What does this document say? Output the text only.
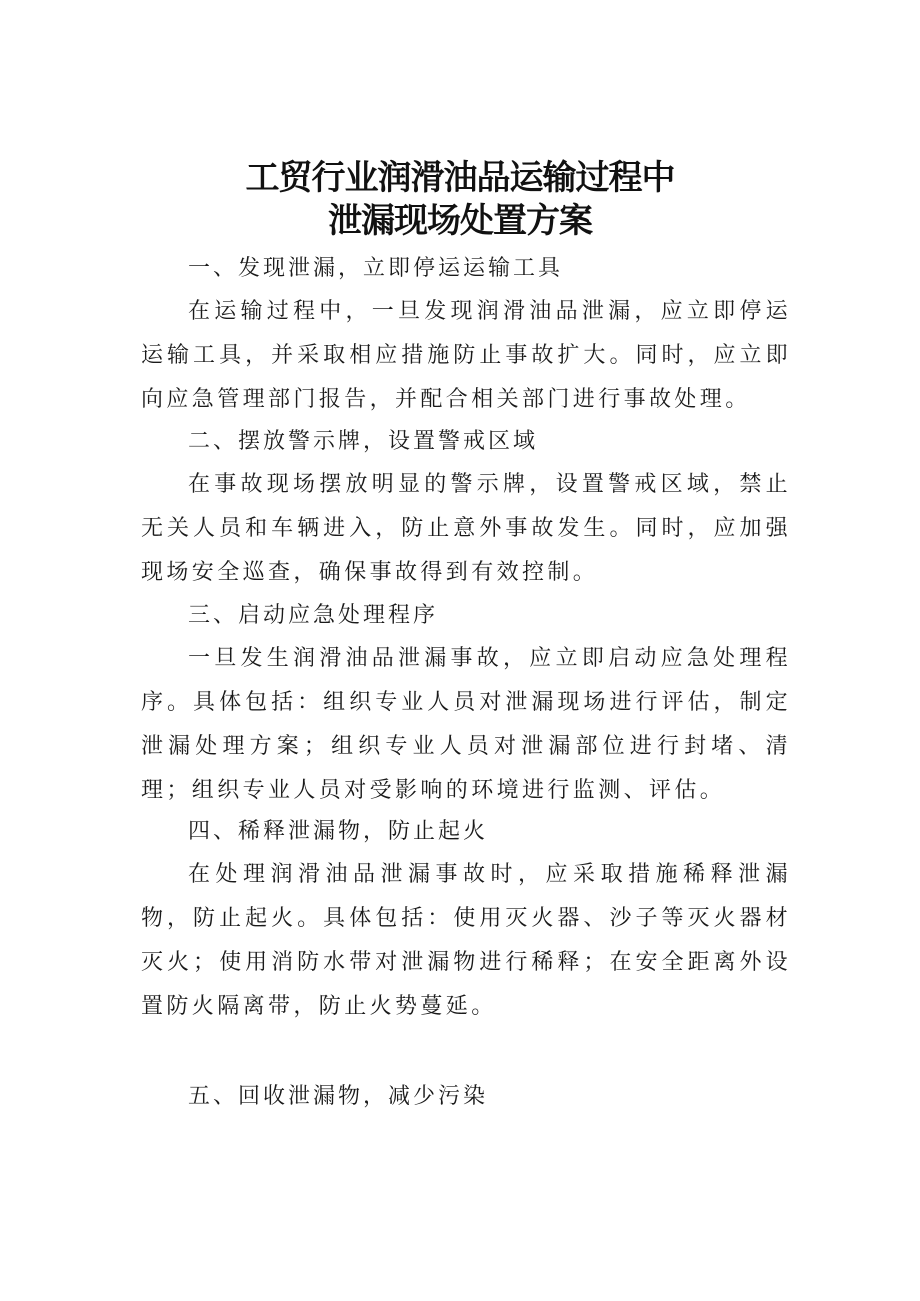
工贸行业润滑油品运输过程中
泄漏现场处置方案

一、发现泄漏，立即停运运输工具

在运输过程中，一旦发现润滑油品泄漏，应立即停运运输工具，并采取相应措施防止事故扩大。同时，应立即向应急管理部门报告，并配合相关部门进行事故处理。

二、摆放警示牌，设置警戒区域

在事故现场摆放明显的警示牌，设置警戒区域，禁止无关人员和车辆进入，防止意外事故发生。同时，应加强现场安全巡查，确保事故得到有效控制。

三、启动应急处理程序

一旦发生润滑油品泄漏事故，应立即启动应急处理程序。具体包括：组织专业人员对泄漏现场进行评估，制定泄漏处理方案；组织专业人员对泄漏部位进行封堵、清理；组织专业人员对受影响的环境进行监测、评估。

四、稀释泄漏物，防止起火

在处理润滑油品泄漏事故时，应采取措施稀释泄漏物，防止起火。具体包括：使用灭火器、沙子等灭火器材灭火；使用消防水带对泄漏物进行稀释；在安全距离外设置防火隔离带，防止火势蔓延。

五、回收泄漏物，减少污染
